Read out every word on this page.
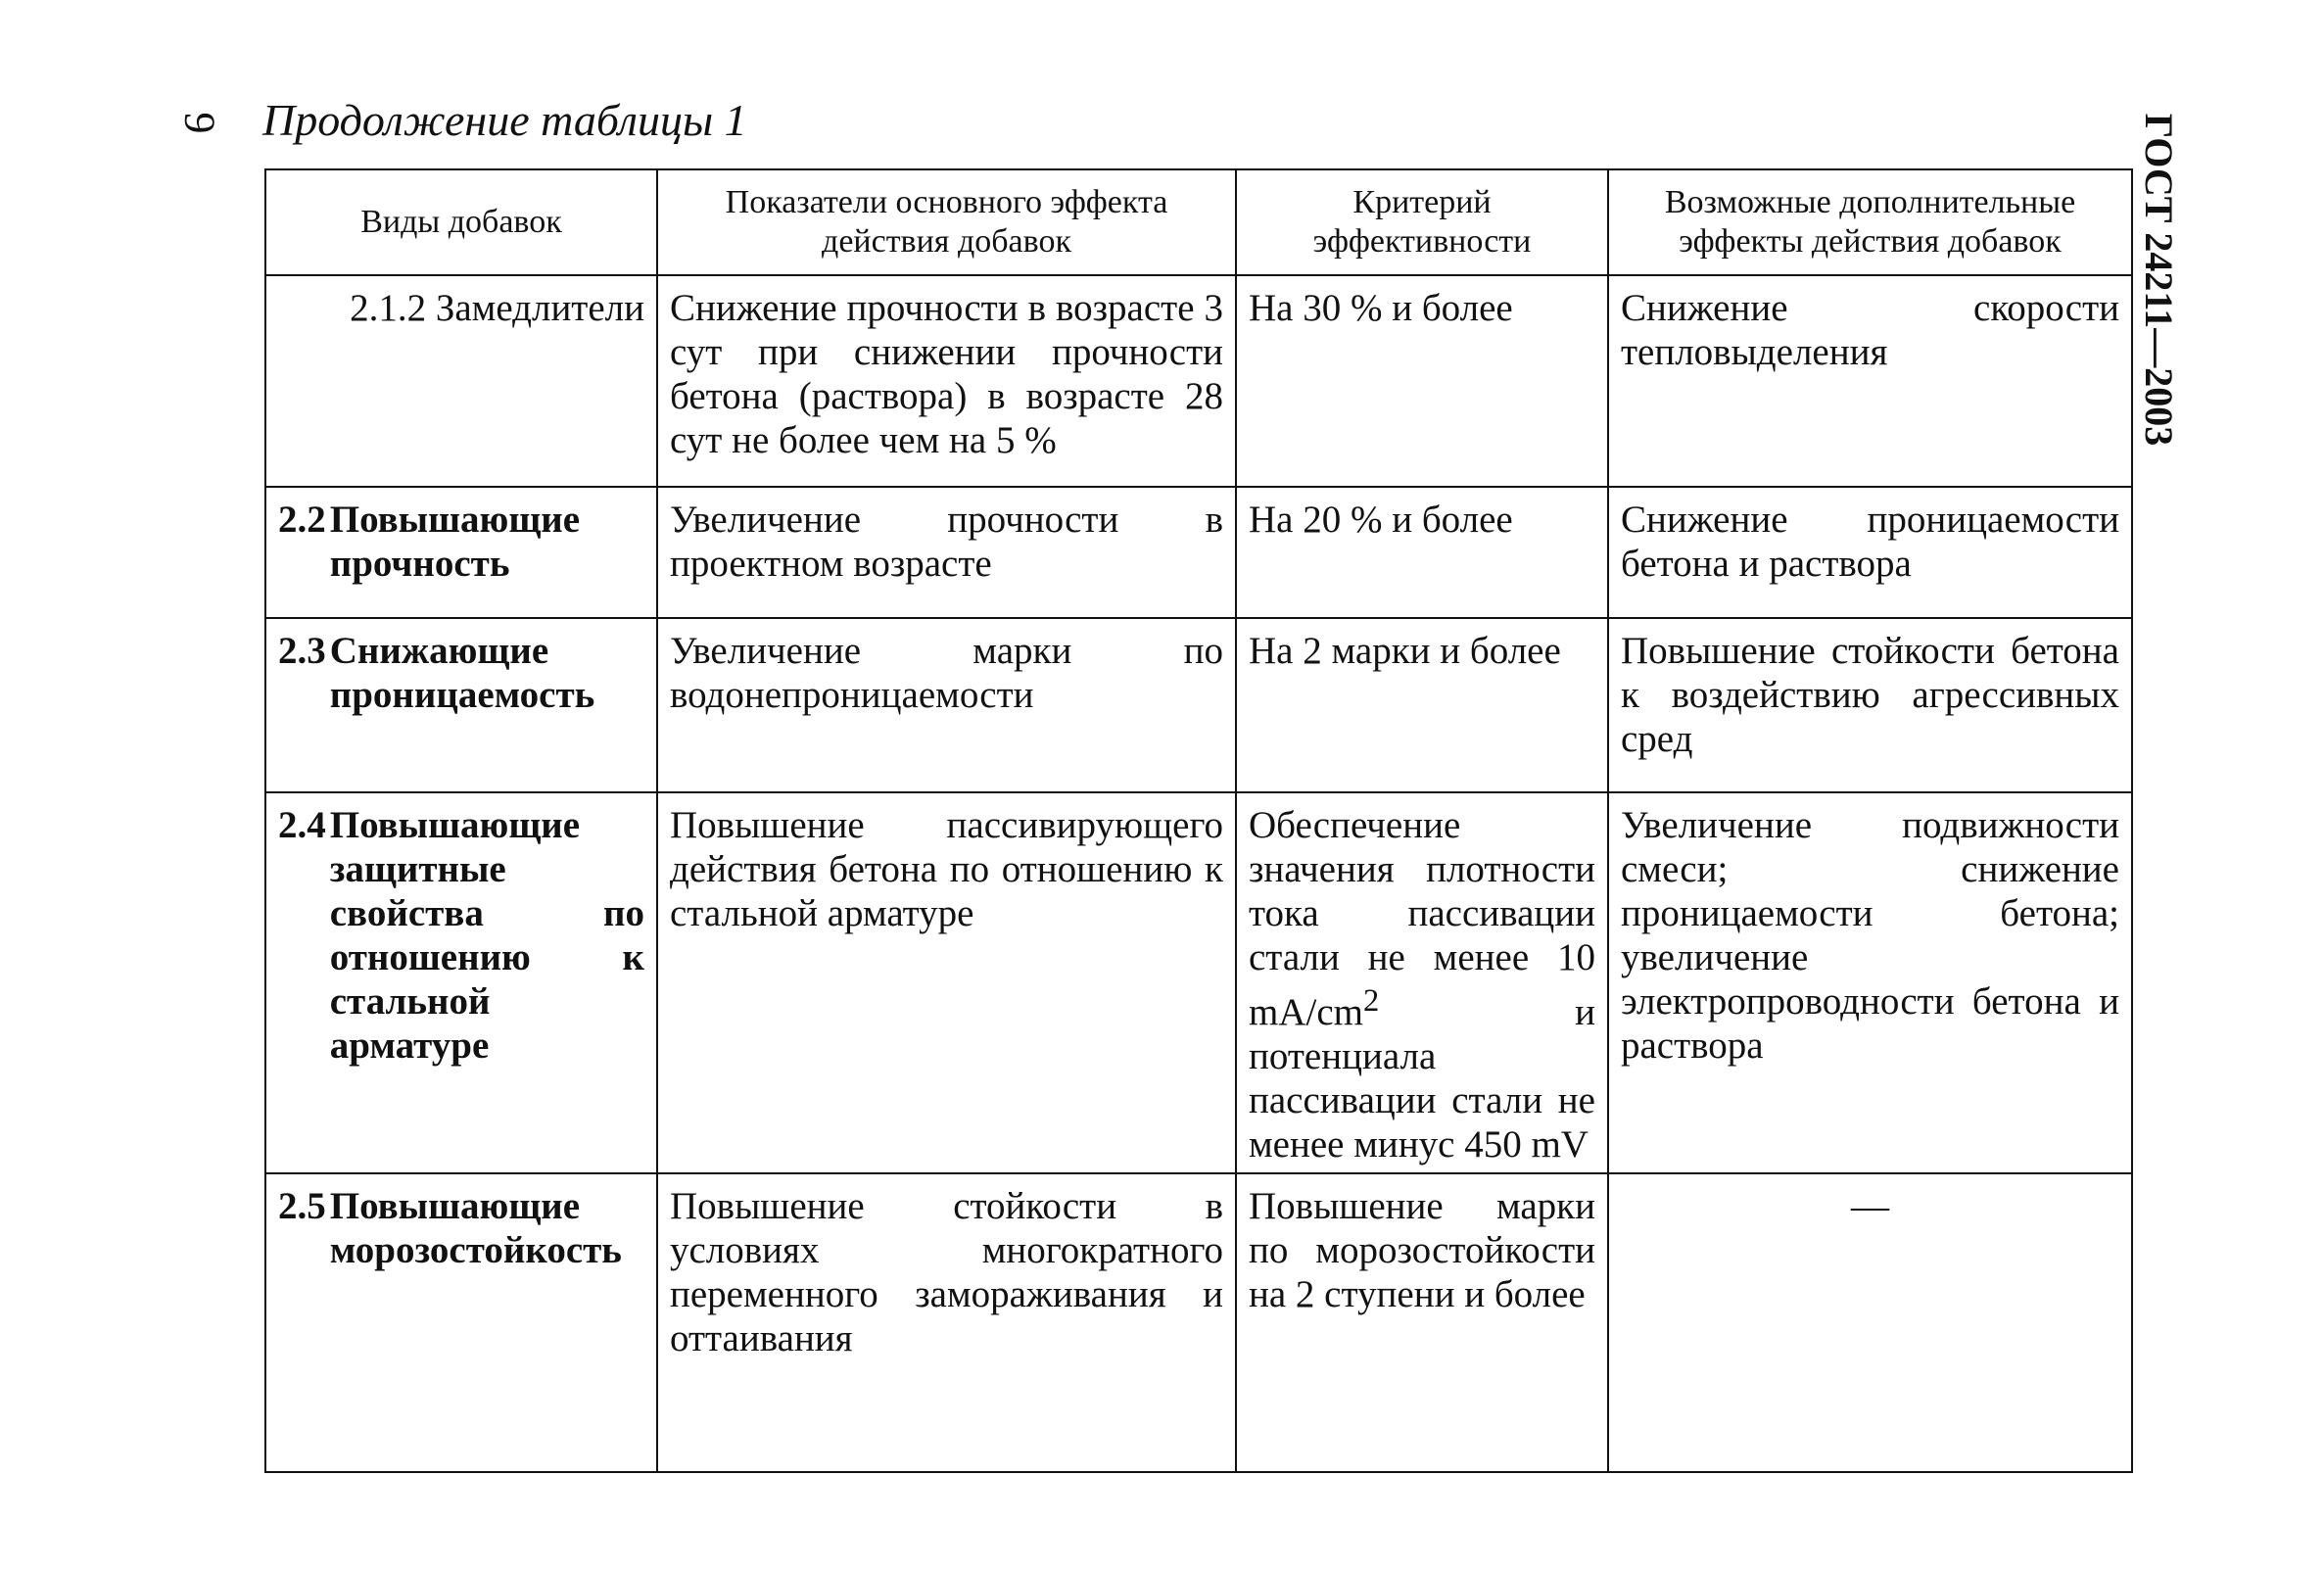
9 Продолжение таблицы 1	ГОСТ 24211—2003
Виды добавок	Показатели основного эффекта действия добавок	Критерий эффективности	Возможные дополнительные эффекты действия добавок

2.1.2 Замедлители	Снижение прочности в возрасте 3 сут при снижении прочности бетона (раствора) в возрасте 28 сут не более чем на 5 %	На 30 % и более	Снижение скорости тепловыделения

2.2 Повышающие прочность	Увеличение прочности в проектном возрасте	На 20 % и более	Снижение проницаемости бетона и раствора

2.3 Снижающие проницаемость	Увеличение марки по водонепроницаемости	На 2 марки и более	Повышение стойкости бетона к воздействию агрессивных сред

2.4 Повышающие защитные свойства по отношению к стальной арматуре	Повышение пассивирующего действия бетона по отношению к стальной арматуре	Обеспечение значения плотности тока пассивации стали не менее 10 $mA/cm^2$ и потенциала пассивации стали не менее минус 450 mV	Увеличение подвижности смеси; снижение проницаемости бетона; увеличение электропроводности бетона и раствора

2.5 Повышающие морозостойкость	Повышение стойкости в условиях многократного переменного замораживания и оттаивания	Повышение марки по морозостойкости на 2 ступени и более	—
